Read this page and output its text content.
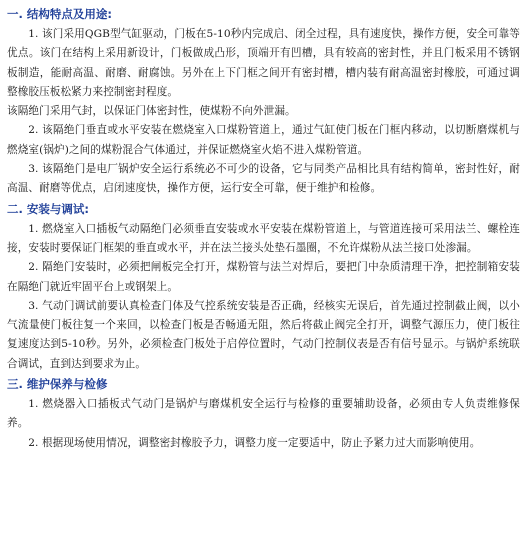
一. 结构特点及用途:

1. 该门采用QGB型气缸驱动，门板在5-10秒内完成启、闭全过程，具有速度快，操作方便，安全可靠等优点。该门在结构上采用新设计，门板做成凸形，顶端开有凹槽，具有较高的密封性，并且门板采用不锈钢板制造，能耐高温、耐磨、耐腐蚀。另外在上下门框之间开有密封槽，槽内装有耐高温密封橡胶，可通过调整橡胶压板松紧力来控制密封程度。

该隔绝门采用气封，以保证门体密封性，使煤粉不向外泄漏。

2. 该隔绝门垂直或水平安装在燃烧室入口煤粉管道上，通过气缸使门板在门框内移动，以切断磨煤机与燃烧室(锅炉)之间的煤粉混合气体通过，并保证燃烧室火焰不进入煤粉管道。

3. 该隔绝门是电厂锅炉安全运行系统必不可少的设备，它与同类产品相比具有结构简单，密封性好，耐高温、耐磨等优点，启闭速度快，操作方便，运行安全可靠，便于维护和检修。

二. 安装与调试:

1. 燃烧室入口插板气动隔绝门必须垂直安装或水平安装在煤粉管道上，与管道连接可采用法兰、螺栓连接，安装时要保证门框架的垂直或水平，并在法兰接头处垫石墨圈，不允许煤粉从法兰接口处渗漏。

2. 隔绝门安装时，必须把闸板完全打开，煤粉管与法兰对焊后，要把门中杂质清理干净，把控制箱安装在隔绝门就近牢固平台上或钢架上。

3. 气动门调试前要认真检查门体及气控系统安装是否正确，经核实无误后，首先通过控制截止阀，以小气流量使门板往复一个来回，以检查门板是否畅通无阻，然后将截止阀完全打开，调整气源压力，使门板往复速度达到5-10秒。另外，必须检查门板处于启停位置时，气动门控制仪表是否有信号显示。与锅炉系统联合调试，直到达到要求为止。

三. 维护保养与检修

1. 燃烧器入口插板式气动门是锅炉与磨煤机安全运行与检修的重要辅助设备，必须由专人负责维修保养。

2. 根据现场使用情况，调整密封橡胶予力，调整力度一定要适中，防止予紧力过大而影响使用。
